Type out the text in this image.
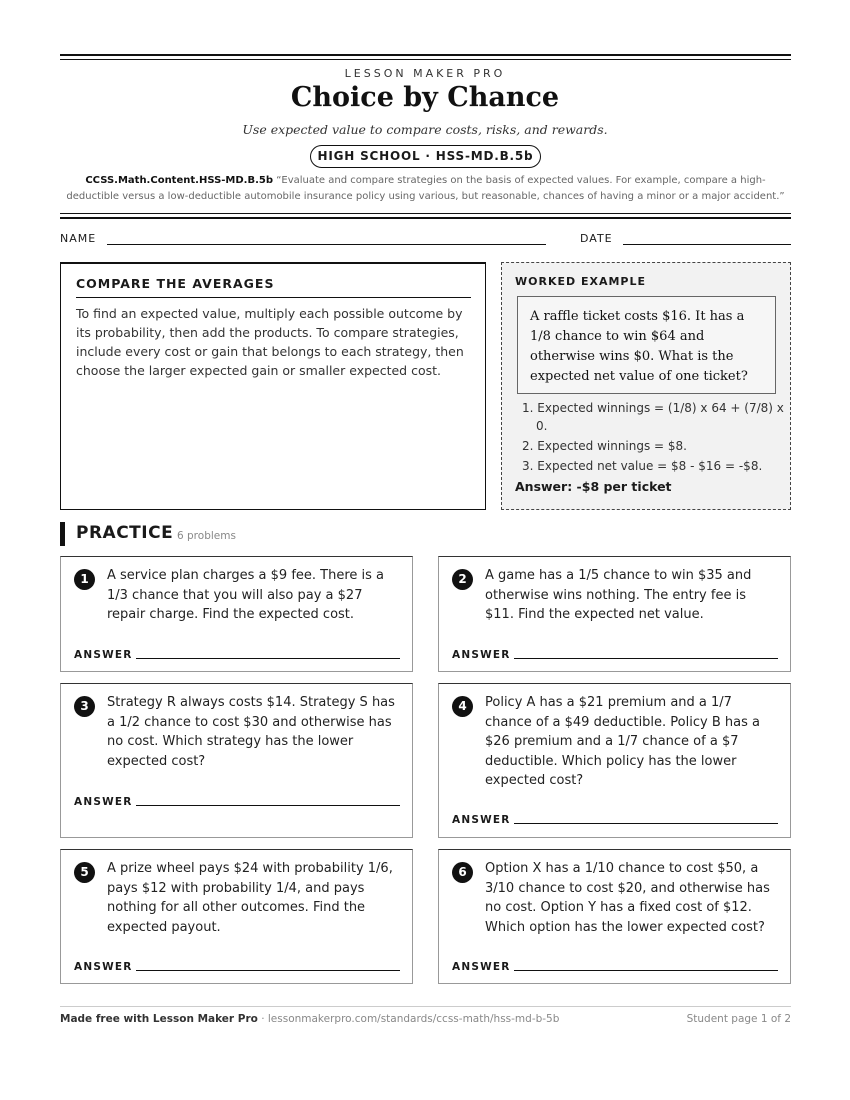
LESSON MAKER PRO
Choice by Chance
Use expected value to compare costs, risks, and rewards.
HIGH SCHOOL · HSS-MD.B.5b
CCSS.Math.Content.HSS-MD.B.5b “Evaluate and compare strategies on the basis of expected values. For example, compare a high-deductible versus a low-deductible automobile insurance policy using various, but reasonable, chances of having a minor or a major accident.”
NAME	DATE
COMPARE THE AVERAGES

To find an expected value, multiply each possible outcome by its probability, then add the products. To compare strategies, include every cost or gain that belongs to each strategy, then choose the larger expected gain or smaller expected cost.

WORKED EXAMPLE
A raffle ticket costs $16. It has a 1/8 chance to win $64 and otherwise wins $0. What is the expected net value of one ticket?
1. Expected winnings = (1/8) x 64 + (7/8) x 0.
2. Expected winnings = $8.
3. Expected net value = $8 - $16 = -$8.
Answer: -$8 per ticket
PRACTICE 6 problems
1	A service plan charges a $9 fee. There is a 1/3 chance that you will also pay a $27 repair charge. Find the expected cost.
ANSWER
2	A game has a 1/5 chance to win $35 and otherwise wins nothing. The entry fee is $11. Find the expected net value.
ANSWER
3	Strategy R always costs $14. Strategy S has a 1/2 chance to cost $30 and otherwise has no cost. Which strategy has the lower expected cost?
ANSWER
4	Policy A has a $21 premium and a 1/7 chance of a $49 deductible. Policy B has a $26 premium and a 1/7 chance of a $7 deductible. Which policy has the lower expected cost?
ANSWER
5	A prize wheel pays $24 with probability 1/6, pays $12 with probability 1/4, and pays nothing for all other outcomes. Find the expected payout.
ANSWER
6	Option X has a 1/10 chance to cost $50, a 3/10 chance to cost $20, and otherwise has no cost. Option Y has a fixed cost of $12. Which option has the lower expected cost?
ANSWER
Made free with Lesson Maker Pro · lessonmakerpro.com/standards/ccss-math/hss-md-b-5b	Student page 1 of 2
